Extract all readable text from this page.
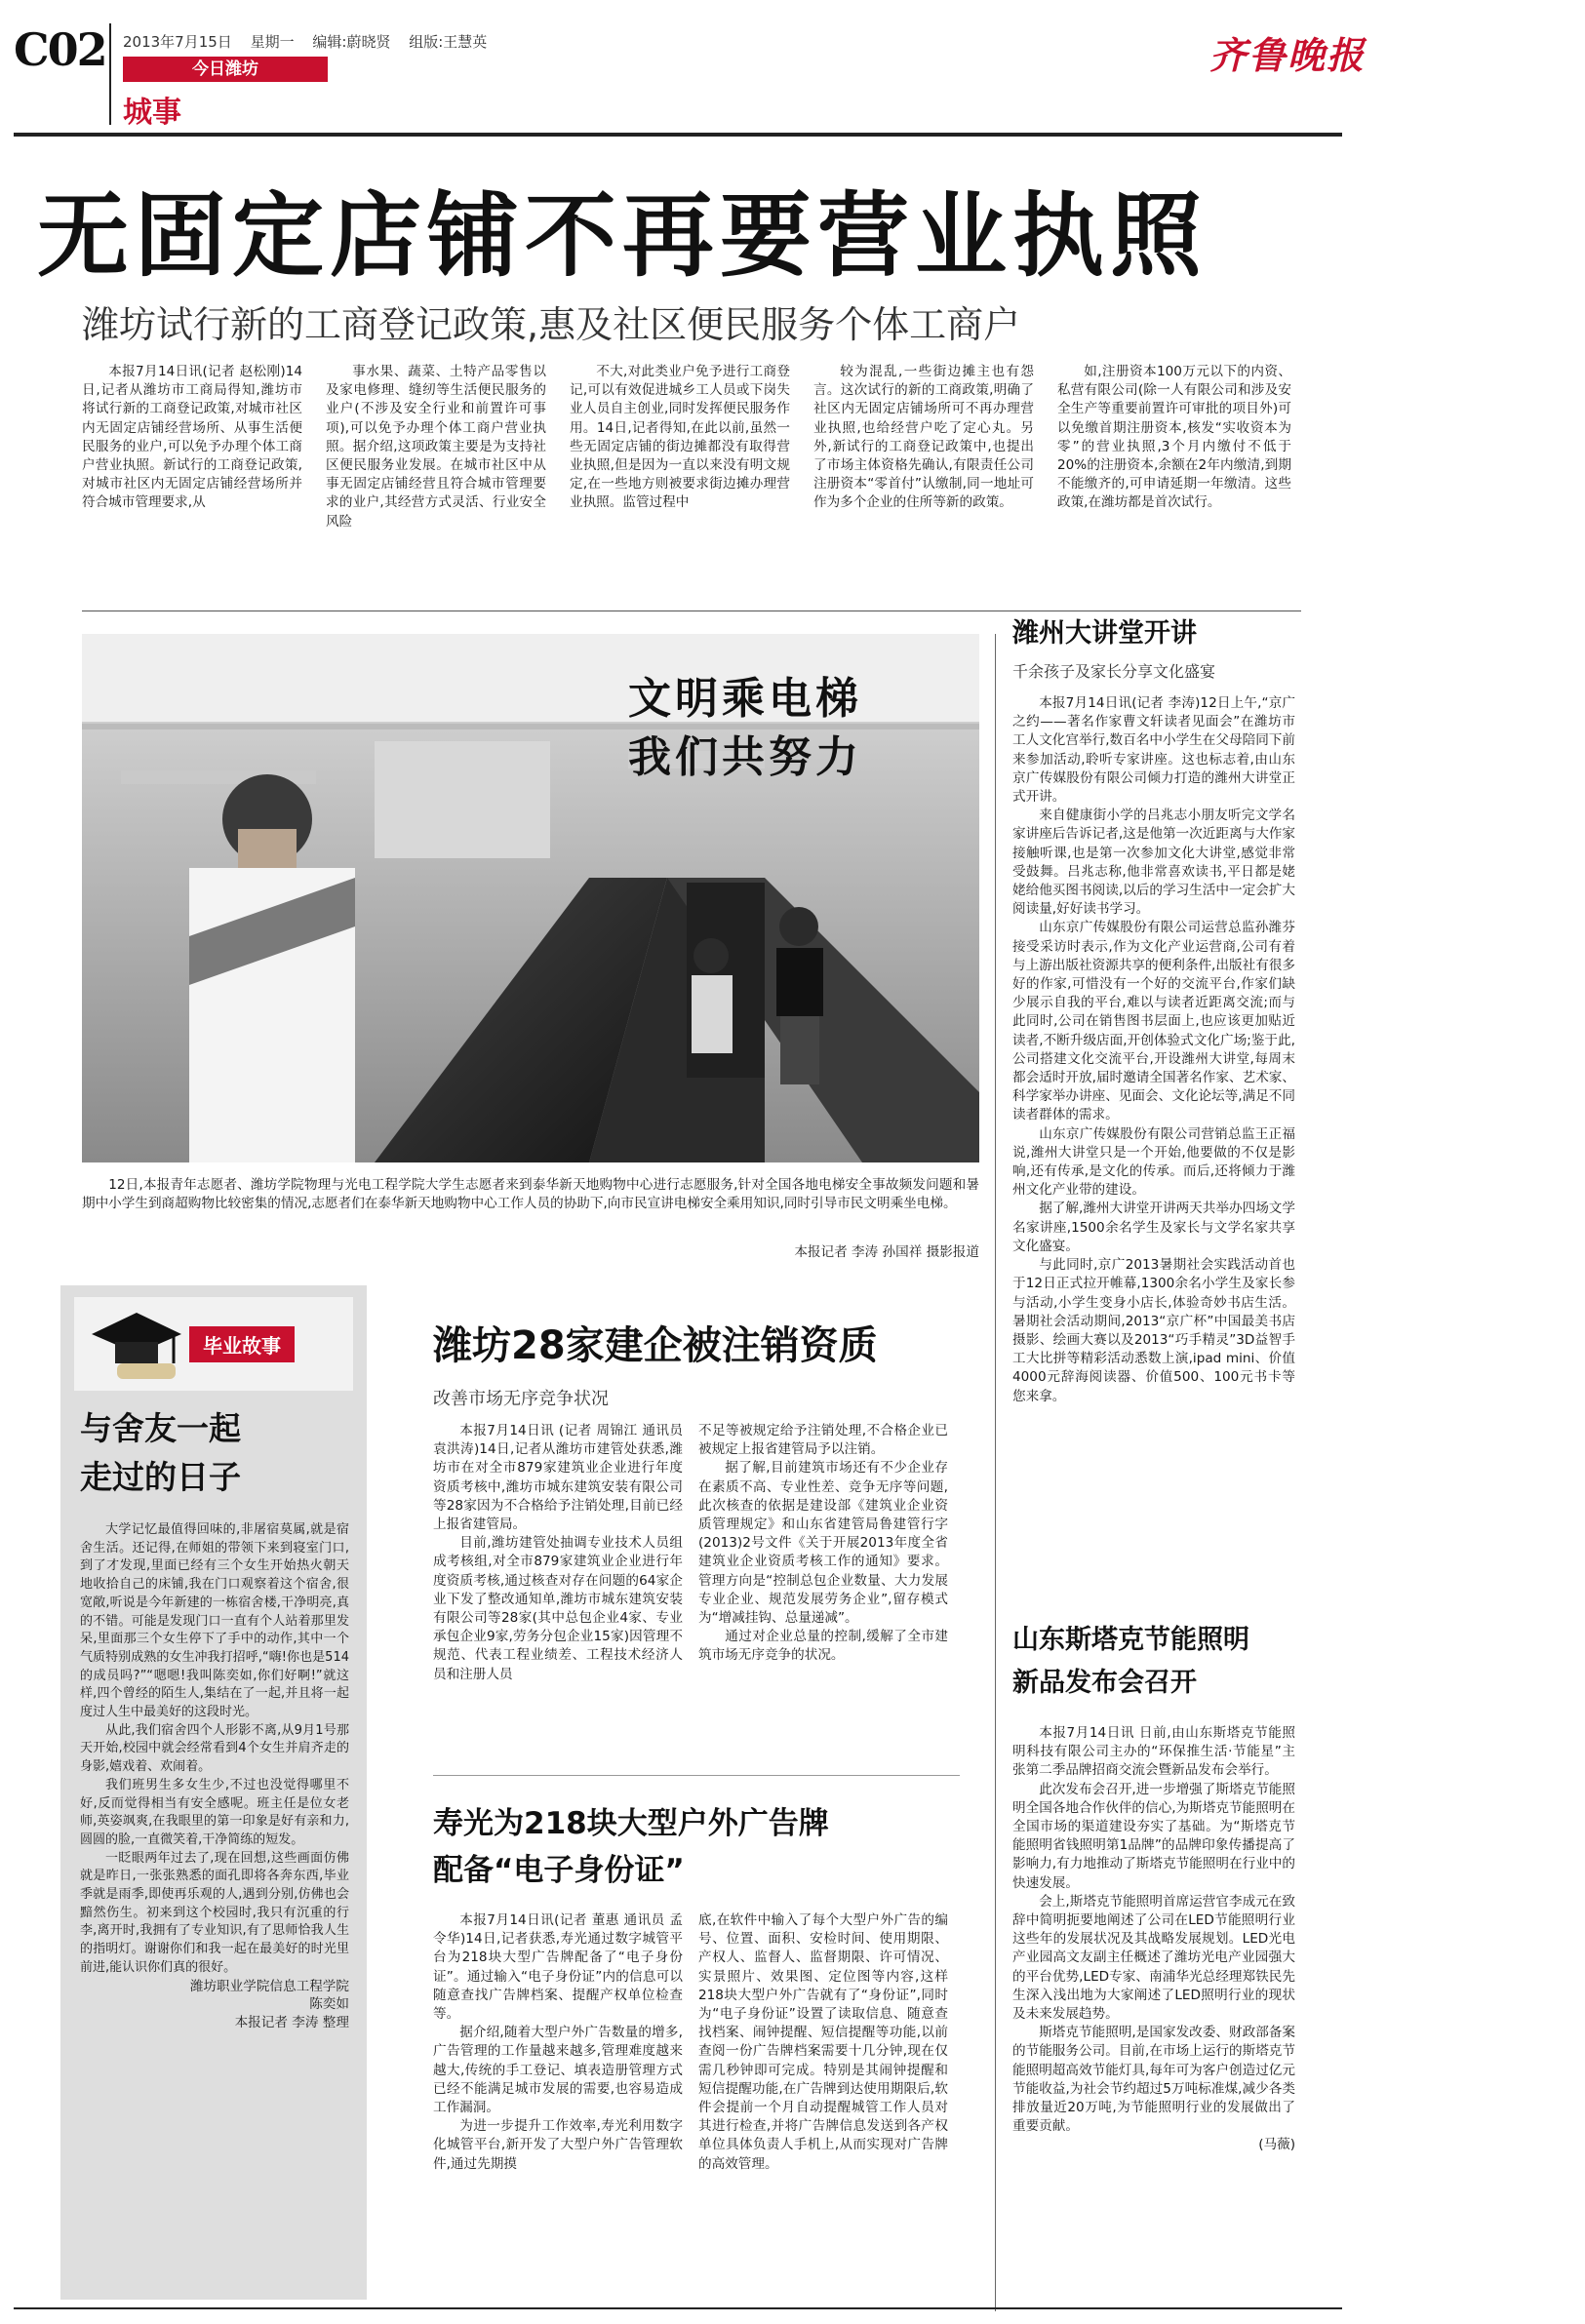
C02 2013年7月15日 星期一 编辑:蔚晓贤 组版:王慧英
今日潍坊
城事
齐鲁晚报
无固定店铺不再要营业执照
潍坊试行新的工商登记政策,惠及社区便民服务个体工商户

本报7月14日讯(记者 赵松刚)14日,记者从潍坊市工商局得知,潍坊市将试行新的工商登记政策,对城市社区内无固定店铺经营场所、从事生活便民服务的业户,可以免予办理个体工商户营业执照。新试行的工商登记政策,对城市社区内无固定店铺经营场所并符合城市管理要求,从

事水果、蔬菜、土特产品零售以及家电修理、缝纫等生活便民服务的业户(不涉及安全行业和前置许可事项),可以免予办理个体工商户营业执照。据介绍,这项政策主要是为支持社区便民服务业发展。在城市社区中从事无固定店铺经营且符合城市管理要求的业户,其经营方式灵活、行业安全风险

不大,对此类业户免予进行工商登记,可以有效促进城乡工人员或下岗失业人员自主创业,同时发挥便民服务作用。14日,记者得知,在此以前,虽然一些无固定店铺的街边摊都没有取得营业执照,但是因为一直以来没有明文规定,在一些地方则被要求街边摊办理营业执照。监管过程中

较为混乱,一些街边摊主也有怨言。这次试行的新的工商政策,明确了社区内无固定店铺场所可不再办理营业执照,也给经营户吃了定心丸。另外,新试行的工商登记政策中,也提出了市场主体资格先确认,有限责任公司注册资本“零首付”认缴制,同一地址可作为多个企业的住所等新的政策。

如,注册资本100万元以下的内资、私营有限公司(除一人有限公司和涉及安全生产等重要前置许可审批的项目外)可以免缴首期注册资本,核发“实收资本为零”的营业执照,3个月内缴付不低于20%的注册资本,余额在2年内缴清,到期不能缴齐的,可申请延期一年缴清。这些政策,在潍坊都是首次试行。

文明乘电梯
我们共努力

12日,本报青年志愿者、潍坊学院物理与光电工程学院大学生志愿者来到泰华新天地购物中心进行志愿服务,针对全国各地电梯安全事故频发问题和暑期中小学生到商超购物比较密集的情况,志愿者们在泰华新天地购物中心工作人员的协助下,向市民宣讲电梯安全乘用知识,同时引导市民文明乘坐电梯。

本报记者 李涛 孙国祥 摄影报道
潍州大讲堂开讲
千余孩子及家长分享文化盛宴

本报7月14日讯(记者 李涛)12日上午,“京广之约——著名作家曹文轩读者见面会”在潍坊市工人文化宫举行,数百名中小学生在父母陪同下前来参加活动,聆听专家讲座。这也标志着,由山东京广传媒股份有限公司倾力打造的潍州大讲堂正式开讲。

来自健康街小学的吕兆志小朋友听完文学名家讲座后告诉记者,这是他第一次近距离与大作家接触听课,也是第一次参加文化大讲堂,感觉非常受鼓舞。吕兆志称,他非常喜欢读书,平日都是姥姥给他买图书阅读,以后的学习生活中一定会扩大阅读量,好好读书学习。

山东京广传媒股份有限公司运营总监孙潍芬接受采访时表示,作为文化产业运营商,公司有着与上游出版社资源共享的便利条件,出版社有很多好的作家,可惜没有一个好的交流平台,作家们缺少展示自我的平台,难以与读者近距离交流;而与此同时,公司在销售图书层面上,也应该更加贴近读者,不断升级店面,开创体验式文化广场;鉴于此,公司搭建文化交流平台,开设潍州大讲堂,每周末都会适时开放,届时邀请全国著名作家、艺术家、科学家举办讲座、见面会、文化论坛等,满足不同读者群体的需求。

山东京广传媒股份有限公司营销总监王正福说,潍州大讲堂只是一个开始,他要做的不仅是影响,还有传承,是文化的传承。而后,还将倾力于潍州文化产业带的建设。

据了解,潍州大讲堂开讲两天共举办四场文学名家讲座,1500余名学生及家长与文学名家共享文化盛宴。

与此同时,京广2013暑期社会实践活动首也于12日正式拉开帷幕,1300余名小学生及家长参与活动,小学生变身小店长,体验奇妙书店生活。暑期社会活动期间,2013“京广杯”中国最美书店摄影、绘画大赛以及2013“巧手精灵”3D益智手工大比拼等精彩活动悉数上演,ipad mini、价值4000元辞海阅读器、价值500、100元书卡等您来拿。

山东斯塔克节能照明
新品发布会召开

本报7月14日讯 日前,由山东斯塔克节能照明科技有限公司主办的“环保推生活·节能星”主张第二季品牌招商交流会暨新品发布会举行。

此次发布会召开,进一步增强了斯塔克节能照明全国各地合作伙伴的信心,为斯塔克节能照明在全国市场的渠道建设夯实了基础。为“斯塔克节能照明省钱照明第1品牌”的品牌印象传播提高了影响力,有力地推动了斯塔克节能照明在行业中的快速发展。

会上,斯塔克节能照明首席运营官李成元在致辞中简明扼要地阐述了公司在LED节能照明行业这些年的发展状况及其战略发展规划。LED光电产业园高文友副主任概述了潍坊光电产业园强大的平台优势,LED专家、南浦华光总经理郑铁民先生深入浅出地为大家阐述了LED照明行业的现状及未来发展趋势。

斯塔克节能照明,是国家发改委、财政部备案的节能服务公司。目前,在市场上运行的斯塔克节能照明超高效节能灯具,每年可为客户创造过亿元节能收益,为社会节约超过5万吨标准煤,减少各类排放量近20万吨,为节能照明行业的发展做出了重要贡献。

(马薇)
毕业故事
与舍友一起
走过的日子

大学记忆最值得回味的,非屠宿莫属,就是宿舍生活。还记得,在师姐的带领下来到寝室门口,到了才发现,里面已经有三个女生开始热火朝天地收拾自己的床铺,我在门口观察着这个宿舍,很宽敞,听说是今年新建的一栋宿舍楼,干净明亮,真的不错。可能是发现门口一直有个人站着那里发呆,里面那三个女生停下了手中的动作,其中一个气质特别成熟的女生冲我打招呼,“嗨!你也是514的成员吗?”“嗯嗯!我叫陈奕如,你们好啊!”就这样,四个曾经的陌生人,集结在了一起,并且将一起度过人生中最美好的这段时光。

从此,我们宿舍四个人形影不离,从9月1号那天开始,校园中就会经常看到4个女生并肩齐走的身影,嬉戏着、欢闹着。

我们班男生多女生少,不过也没觉得哪里不好,反而觉得相当有安全感呢。班主任是位女老师,英姿飒爽,在我眼里的第一印象是好有亲和力,圆圆的脸,一直微笑着,干净简练的短发。

一眨眼两年过去了,现在回想,这些画面仿佛就是昨日,一张张熟悉的面孔即将各奔东西,毕业季就是雨季,即使再乐观的人,遇到分别,仿佛也会黯然伤生。初来到这个校园时,我只有沉重的行李,离开时,我拥有了专业知识,有了思师恰我人生的指明灯。谢谢你们和我一起在最美好的时光里前进,能认识你们真的很好。

潍坊职业学院信息工程学院
陈奕如
本报记者 李涛 整理
潍坊28家建企被注销资质
改善市场无序竞争状况

本报7月14日讯 (记者 周锦江 通讯员 袁洪涛)14日,记者从潍坊市建管处获悉,潍坊市在对全市879家建筑业企业进行年度资质考核中,潍坊市城东建筑安装有限公司等28家因为不合格给予注销处理,目前已经上报省建管局。

目前,潍坊建管处抽调专业技术人员组成考核组,对全市879家建筑业企业进行年度资质考核,通过核查对存在问题的64家企业下发了整改通知单,潍坊市城东建筑安装有限公司等28家(其中总包企业4家、专业承包企业9家,劳务分包企业15家)因管理不规范、代表工程业绩差、工程技术经济人员和注册人员

不足等被规定给予注销处理,不合格企业已被规定上报省建管局予以注销。

据了解,目前建筑市场还有不少企业存在素质不高、专业性差、竞争无序等问题,此次核查的依据是建设部《建筑业企业资质管理规定》和山东省建管局鲁建管行字(2013)2号文件《关于开展2013年度全省建筑业企业资质考核工作的通知》要求。管理方向是“控制总包企业数量、大力发展专业企业、规范发展劳务企业”,留存模式为“增减挂钩、总量递减”。

通过对企业总量的控制,缓解了全市建筑市场无序竞争的状况。

寿光为218块大型户外广告牌
配备“电子身份证”

本报7月14日讯(记者 董惠 通讯员 孟令华)14日,记者获悉,寿光通过数字城管平台为218块大型广告牌配备了“电子身份证”。通过输入“电子身份证”内的信息可以随意查找广告牌档案、提醒产权单位检查等。

据介绍,随着大型户外广告数量的增多,广告管理的工作量越来越多,管理难度越来越大,传统的手工登记、填表造册管理方式已经不能满足城市发展的需要,也容易造成工作漏洞。

为进一步提升工作效率,寿光利用数字化城管平台,新开发了大型户外广告管理软件,通过先期摸

底,在软件中输入了每个大型户外广告的编号、位置、面积、安检时间、使用期限、产权人、监督人、监督期限、许可情况、实景照片、效果图、定位图等内容,这样218块大型户外广告就有了“身份证”,同时为“电子身份证”设置了读取信息、随意查找档案、闹钟提醒、短信提醒等功能,以前查阅一份广告牌档案需要十几分钟,现在仅需几秒钟即可完成。特别是其闹钟提醒和短信提醒功能,在广告牌到达使用期限后,软件会提前一个月自动提醒城管工作人员对其进行检查,并将广告牌信息发送到各产权单位具体负责人手机上,从而实现对广告牌的高效管理。
